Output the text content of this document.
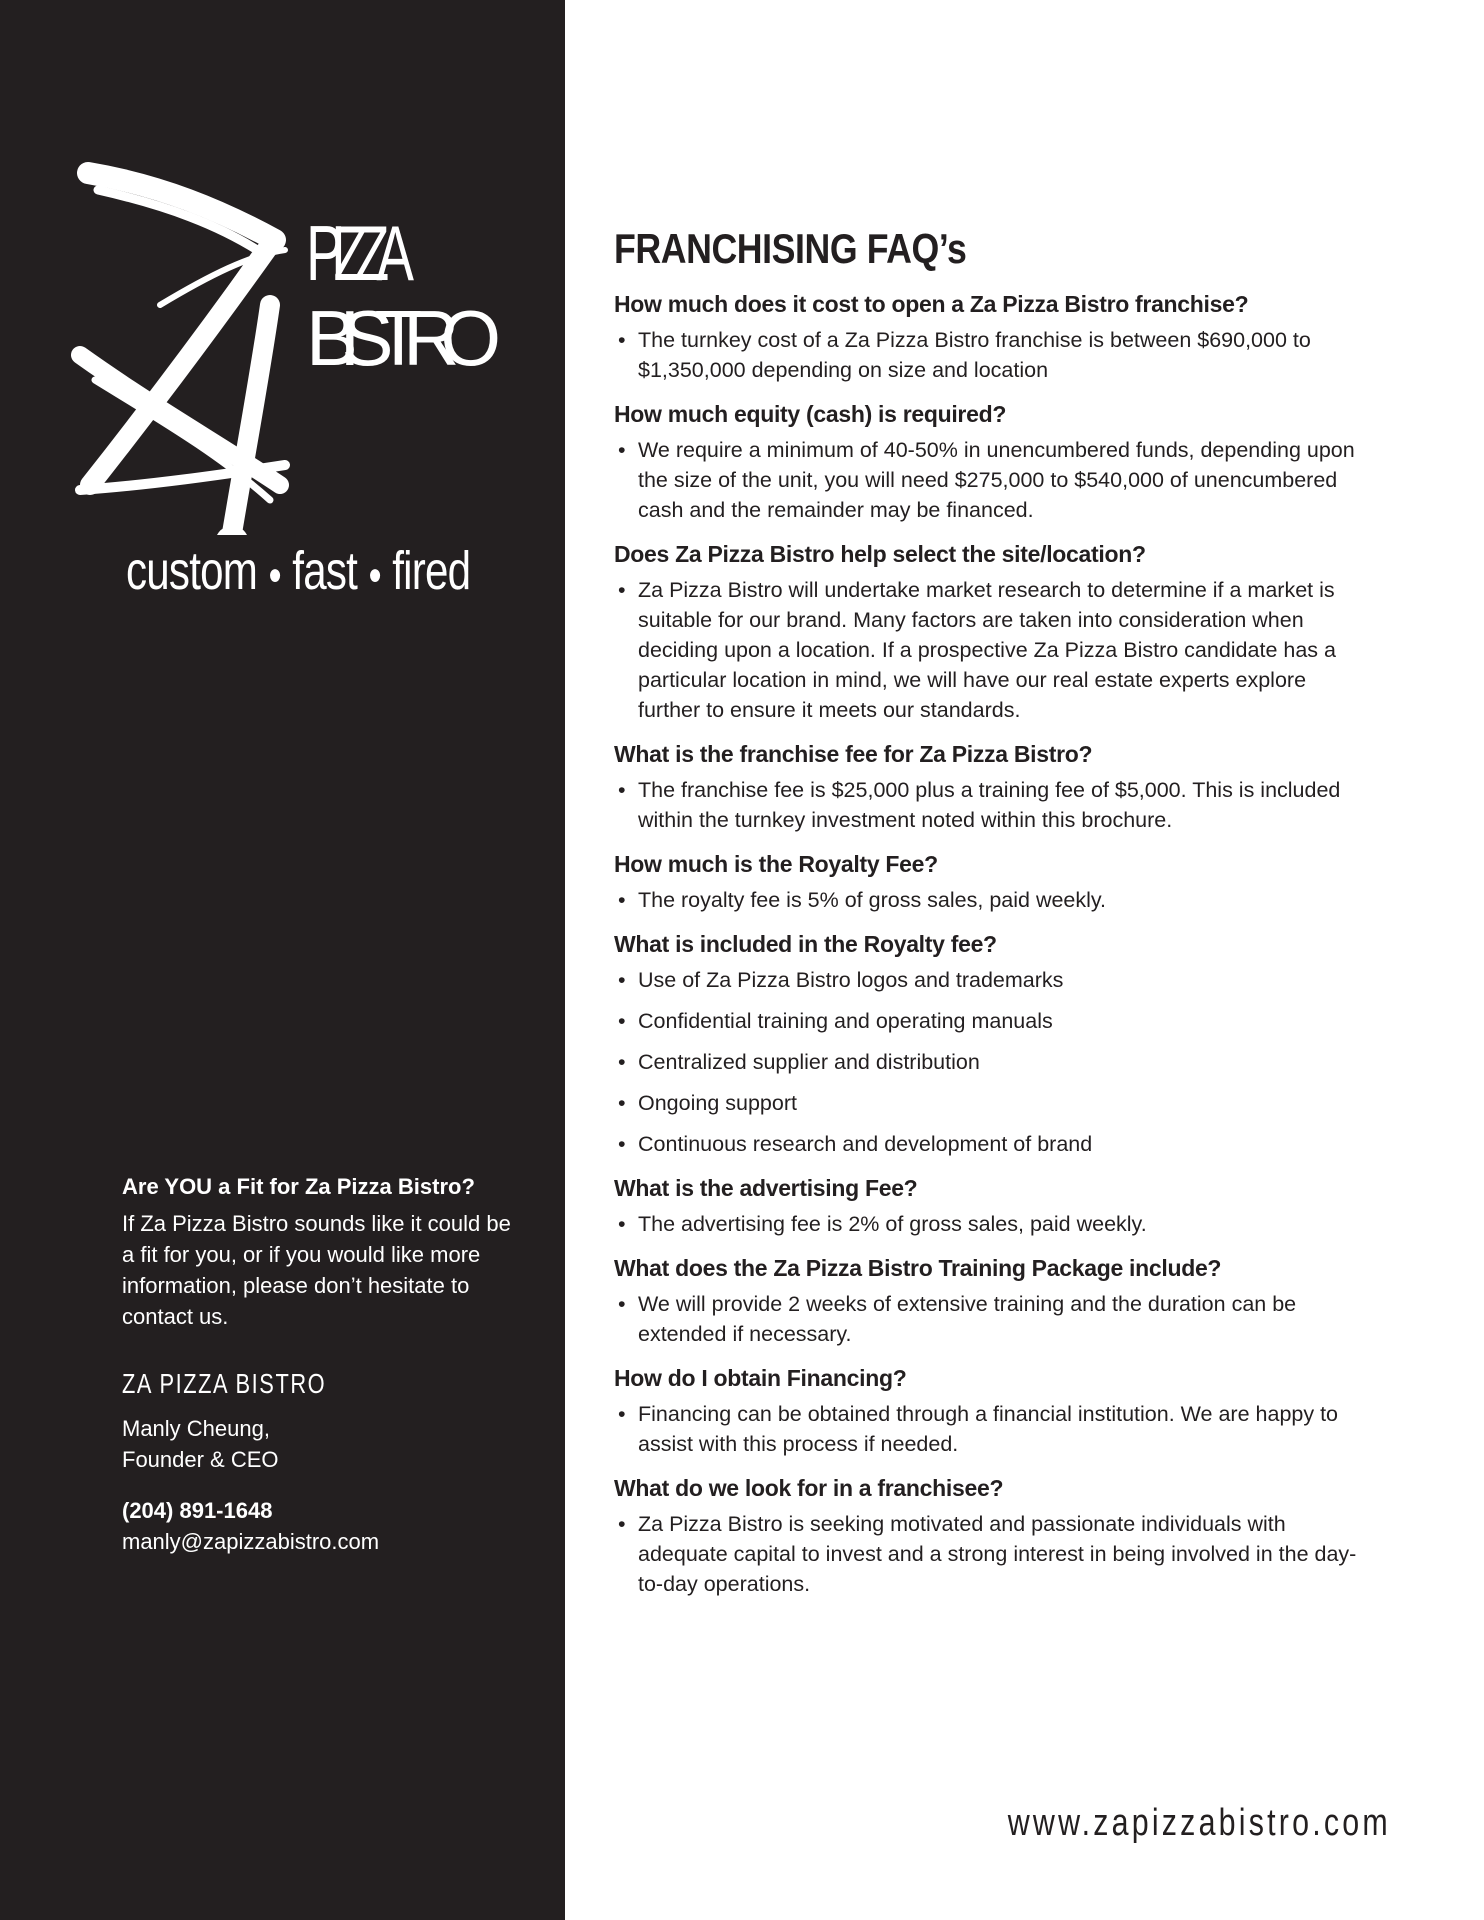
PIZZA
BISTRO
custom ● fast ● fired

Are YOU a Fit for Za Pizza Bistro?

If Za Pizza Bistro sounds like it could be a fit for you, or if you would like more information, please don’t hesitate to contact us.

ZA PIZZA BISTRO
Manly Cheung,
Founder & CEO
(204) 891-1648
manly@zapizzabistro.com
FRANCHISING FAQ’s
How much does it cost to open a Za Pizza Bistro franchise?
• The turnkey cost of a Za Pizza Bistro franchise is between $690,000 to $1,350,000 depending on size and location
How much equity (cash) is required?
• We require a minimum of 40-50% in unencumbered funds, depending upon the size of the unit, you will need $275,000 to $540,000 of unencumbered cash and the remainder may be financed.
Does Za Pizza Bistro help select the site/location?
• Za Pizza Bistro will undertake market research to determine if a market is suitable for our brand. Many factors are taken into consideration when deciding upon a location. If a prospective Za Pizza Bistro candidate has a particular location in mind, we will have our real estate experts explore further to ensure it meets our standards.
What is the franchise fee for Za Pizza Bistro?
• The franchise fee is $25,000 plus a training fee of $5,000. This is included within the turnkey investment noted within this brochure.
How much is the Royalty Fee?
• The royalty fee is 5% of gross sales, paid weekly.
What is included in the Royalty fee?
• Use of Za Pizza Bistro logos and trademarks
• Confidential training and operating manuals
• Centralized supplier and distribution
• Ongoing support
• Continuous research and development of brand
What is the advertising Fee?
• The advertising fee is 2% of gross sales, paid weekly.
What does the Za Pizza Bistro Training Package include?
• We will provide 2 weeks of extensive training and the duration can be extended if necessary.
How do I obtain Financing?
• Financing can be obtained through a financial institution. We are happy to assist with this process if needed.
What do we look for in a franchisee?
• Za Pizza Bistro is seeking motivated and passionate individuals with adequate capital to invest and a strong interest in being involved in the day-to-day operations.
www.zapizzabistro.com
